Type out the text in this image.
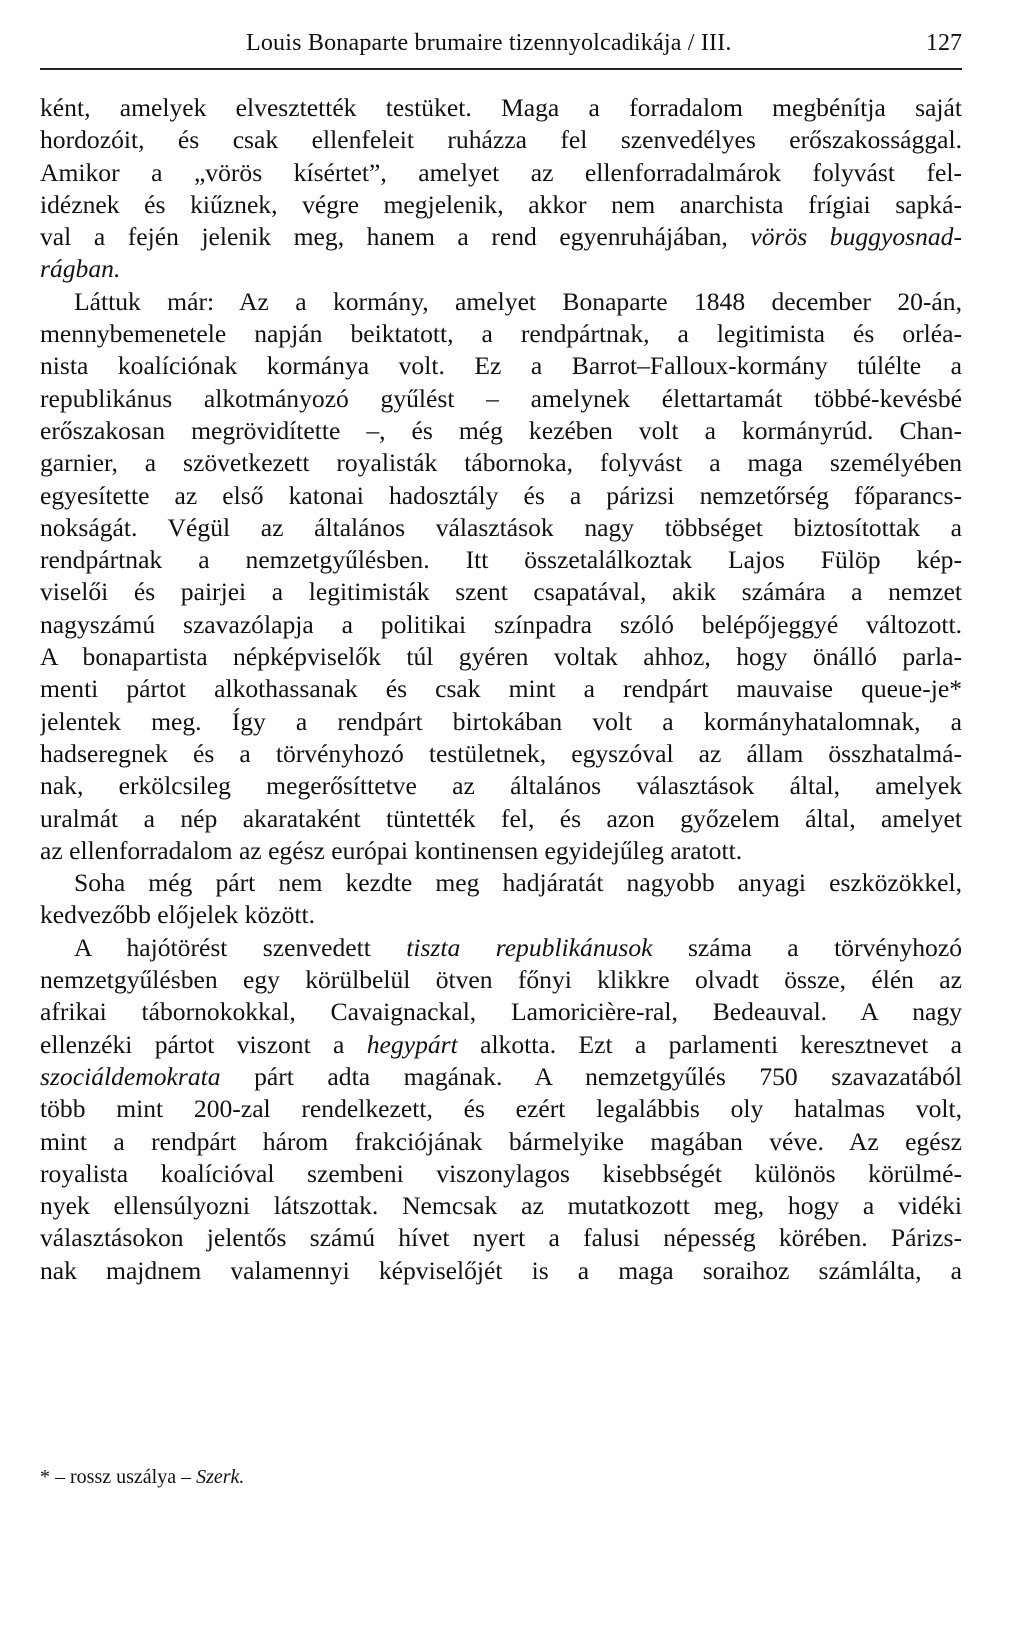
Louis Bonaparte brumaire tizennyolcadikája / III.	127
ként, amelyek elvesztették testüket. Maga a forradalom megbénítja saját
hordozóit, és csak ellenfeleit ruházza fel szenvedélyes erőszakossággal.
Amikor a „vörös kísértet”, amelyet az ellenforradalmárok folyvást fel-
idéznek és kiűznek, végre megjelenik, akkor nem anarchista frígiai sapká-
val a fején jelenik meg, hanem a rend egyenruhájában, vörös buggyosnad-
rágban.
Láttuk már: Az a kormány, amelyet Bonaparte 1848 december 20-án,
mennybemenetele napján beiktatott, a rendpártnak, a legitimista és orléa-
nista koalíciónak kormánya volt. Ez a Barrot–Falloux-kormány túlélte a
republikánus alkotmányozó gyűlést – amelynek élettartamát többé-kevésbé
erőszakosan megrövidítette –, és még kezében volt a kormányrúd. Chan-
garnier, a szövetkezett royalisták tábornoka, folyvást a maga személyében
egyesítette az első katonai hadosztály és a párizsi nemzetőrség főparancs-
nokságát. Végül az általános választások nagy többséget biztosítottak a
rendpártnak a nemzetgyűlésben. Itt összetalálkoztak Lajos Fülöp kép-
viselői és pairjei a legitimisták szent csapatával, akik számára a nemzet
nagyszámú szavazólapja a politikai színpadra szóló belépőjeggyé változott.
A bonapartista népképviselők túl gyéren voltak ahhoz, hogy önálló parla-
menti pártot alkothassanak és csak mint a rendpárt mauvaise queue-je*
jelentek meg. Így a rendpárt birtokában volt a kormányhatalomnak, a
hadseregnek és a törvényhozó testületnek, egyszóval az állam összhatalmá-
nak, erkölcsileg megerősíttetve az általános választások által, amelyek
uralmát a nép akarataként tüntették fel, és azon győzelem által, amelyet
az ellenforradalom az egész európai kontinensen egyidejűleg aratott.
Soha még párt nem kezdte meg hadjáratát nagyobb anyagi eszközökkel,
kedvezőbb előjelek között.
A hajótörést szenvedett tiszta republikánusok száma a törvényhozó
nemzetgyűlésben egy körülbelül ötven főnyi klikkre olvadt össze, élén az
afrikai tábornokokkal, Cavaignackal, Lamoricière-ral, Bedeauval. A nagy
ellenzéki pártot viszont a hegypárt alkotta. Ezt a parlamenti keresztnevet a
szociáldemokrata párt adta magának. A nemzetgyűlés 750 szavazatából
több mint 200-zal rendelkezett, és ezért legalábbis oly hatalmas volt,
mint a rendpárt három frakciójának bármelyike magában véve. Az egész
royalista koalícióval szembeni viszonylagos kisebbségét különös körülmé-
nyek ellensúlyozni látszottak. Nemcsak az mutatkozott meg, hogy a vidéki
választásokon jelentős számú hívet nyert a falusi népesség körében. Párizs-
nak majdnem valamennyi képviselőjét is a maga soraihoz számlálta, a
* – rossz uszálya – Szerk.
